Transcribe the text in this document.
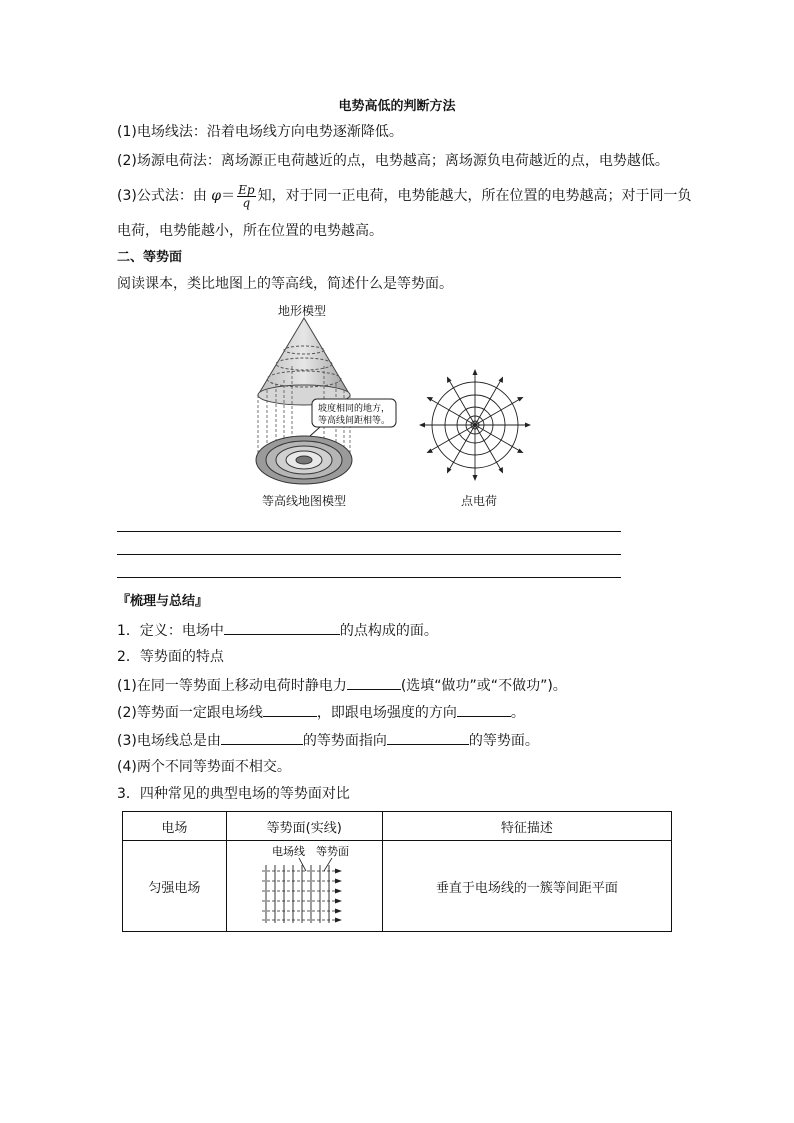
电势高低的判断方法
(1)电场线法：沿着电场线方向电势逐渐降低。
(2)场源电荷法：离场源正电荷越近的点，电势越高；离场源负电荷越近的点，电势越低。
(3)公式法：由 $\varphi= \frac{Ep}{q}$ 知，对于同一正电荷，电势能越大，所在位置的电势越高；对于同一负
电荷，电势能越小，所在位置的电势越高。
二、等势面
阅读课本，类比地图上的等高线，简述什么是等势面。
坡度相同的地方，
等高线间距相等。
地形模型
等高线地图模型	点电荷
『梳理与总结』
1．定义：电场中	的点构成的面。
2．等势面的特点
(1)在同一等势面上移动电荷时静电力	(选填“做功”或“不做功”)。
(2)等势面一定跟电场线	，即跟电场强度的方向	。
(3)电场线总是由	的等势面指向	的等势面。
(4)两个不同等势面不相交。
3．四种常见的典型电场的等势面对比
电场	等势面(实线)	特征描述
匀强电场	电场线 等势面	垂直于电场线的一簇等间距平面
